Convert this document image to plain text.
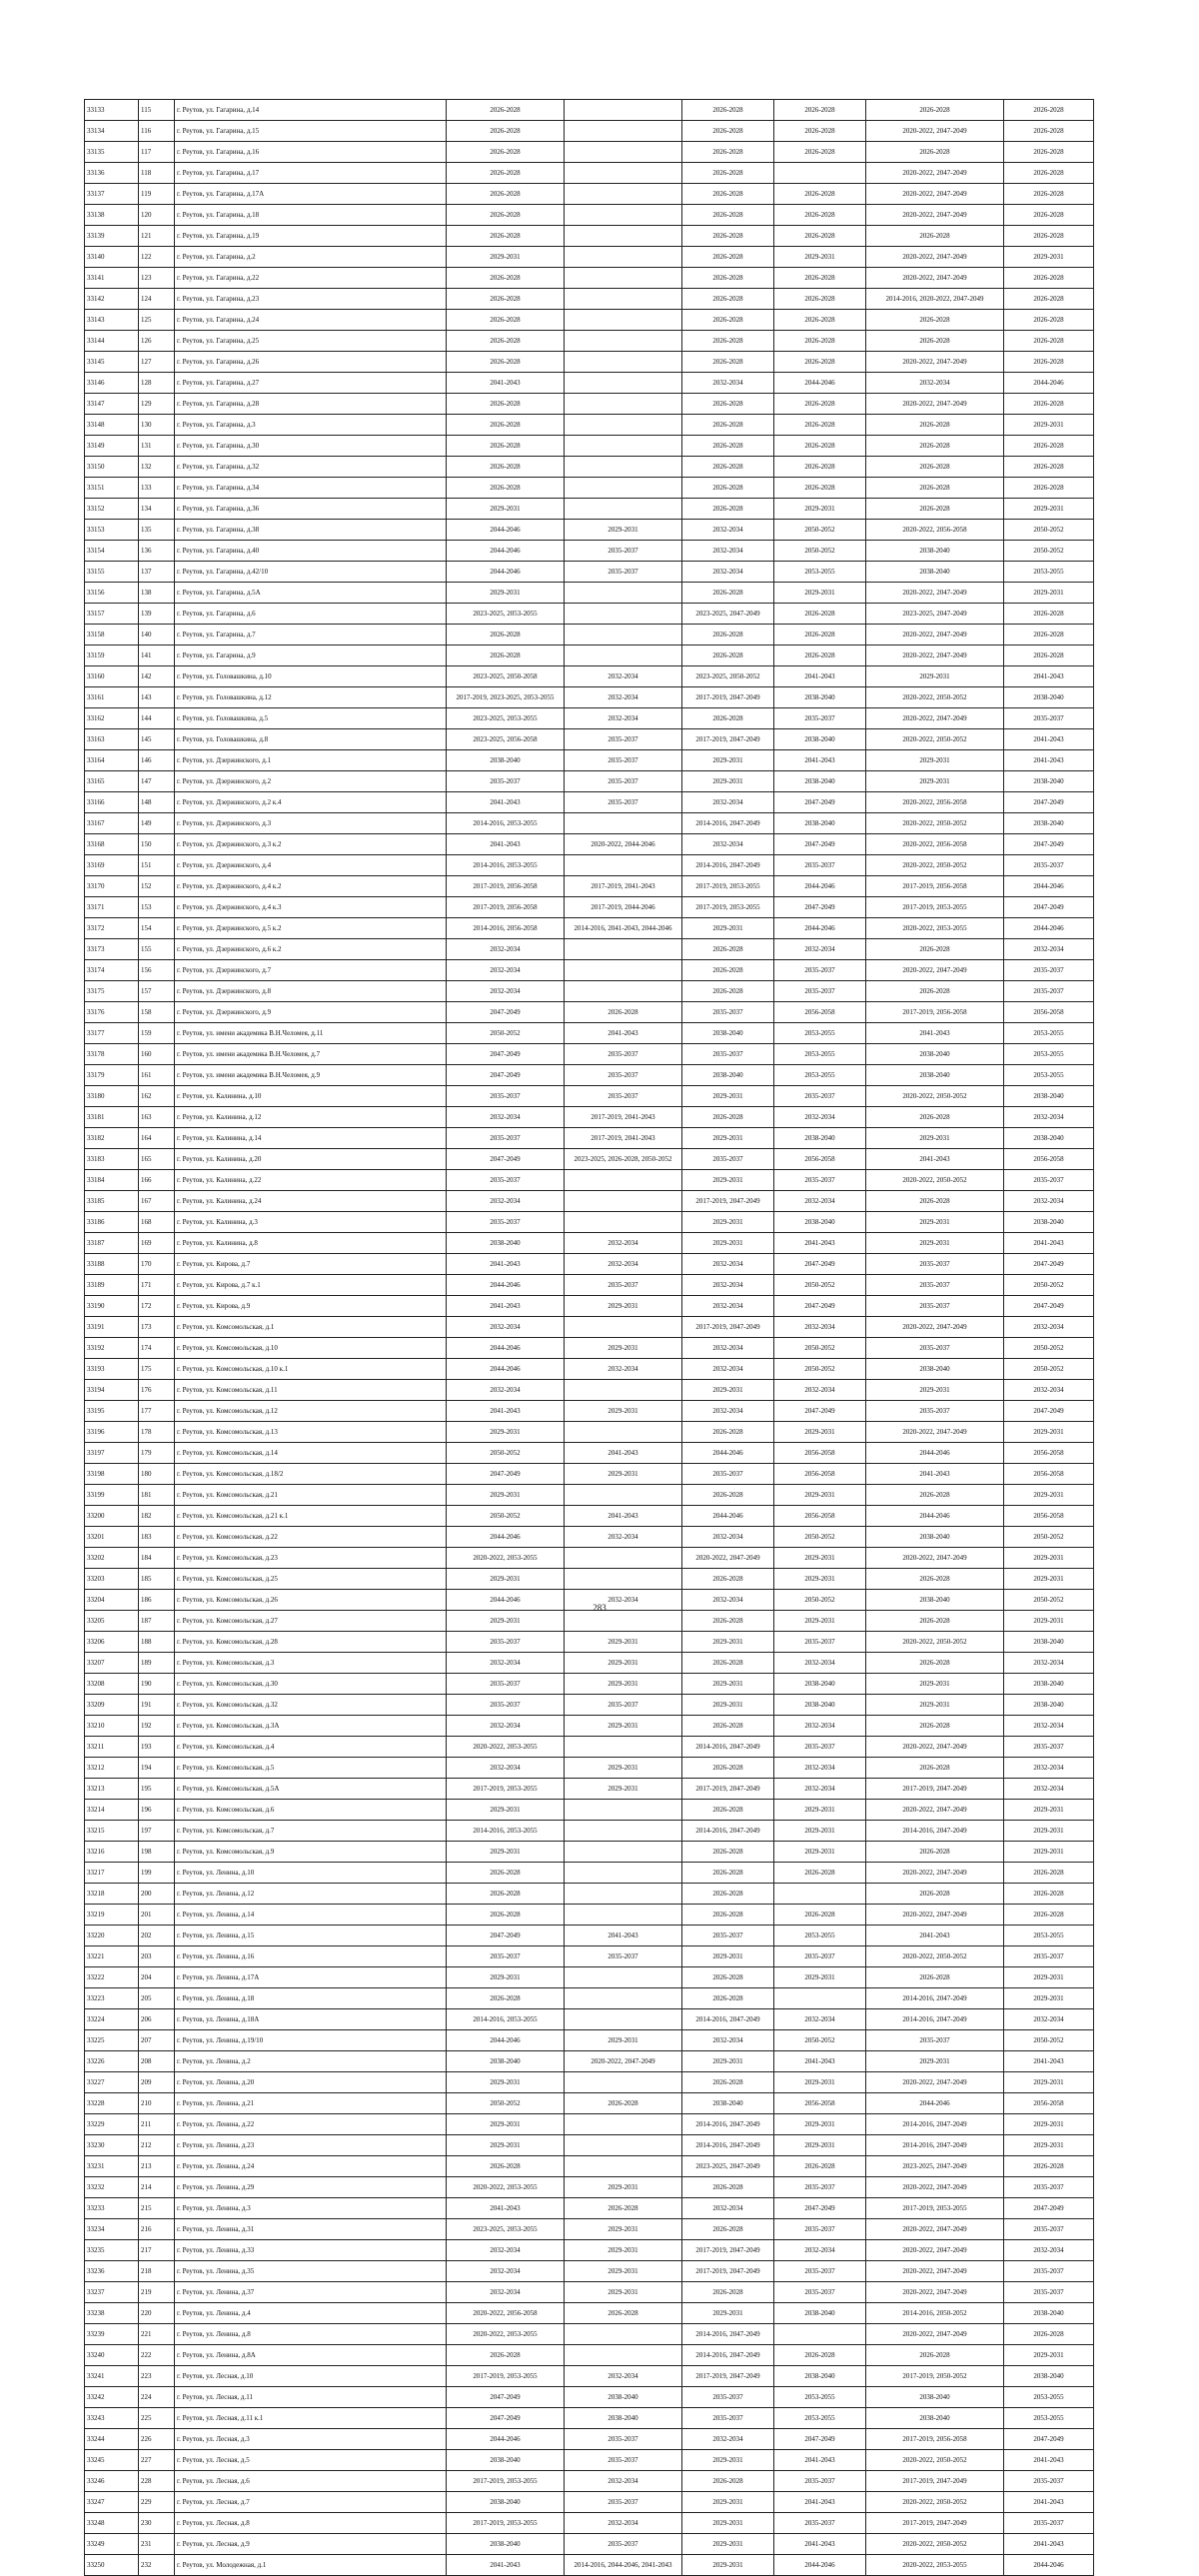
33133	115	г. Реутов, ул. Гагарина, д.14	2026-2028		2026-2028	2026-2028	2026-2028	2026-2028
33134	116	г. Реутов, ул. Гагарина, д.15	2026-2028		2026-2028	2026-2028	2020-2022, 2047-2049	2026-2028
33135	117	г. Реутов, ул. Гагарина, д.16	2026-2028		2026-2028	2026-2028	2026-2028	2026-2028
33136	118	г. Реутов, ул. Гагарина, д.17	2026-2028		2026-2028		2020-2022, 2047-2049	2026-2028
33137	119	г. Реутов, ул. Гагарина, д.17А	2026-2028		2026-2028	2026-2028	2020-2022, 2047-2049	2026-2028
33138	120	г. Реутов, ул. Гагарина, д.18	2026-2028		2026-2028	2026-2028	2020-2022, 2047-2049	2026-2028
33139	121	г. Реутов, ул. Гагарина, д.19	2026-2028		2026-2028	2026-2028	2026-2028	2026-2028
33140	122	г. Реутов, ул. Гагарина, д.2	2029-2031		2026-2028	2029-2031	2020-2022, 2047-2049	2029-2031
33141	123	г. Реутов, ул. Гагарина, д.22	2026-2028		2026-2028	2026-2028	2020-2022, 2047-2049	2026-2028
33142	124	г. Реутов, ул. Гагарина, д.23	2026-2028		2026-2028	2026-2028	2014-2016, 2020-2022, 2047-2049	2026-2028
33143	125	г. Реутов, ул. Гагарина, д.24	2026-2028		2026-2028	2026-2028	2026-2028	2026-2028
33144	126	г. Реутов, ул. Гагарина, д.25	2026-2028		2026-2028	2026-2028	2026-2028	2026-2028
33145	127	г. Реутов, ул. Гагарина, д.26	2026-2028		2026-2028	2026-2028	2020-2022, 2047-2049	2026-2028
33146	128	г. Реутов, ул. Гагарина, д.27	2041-2043		2032-2034	2044-2046	2032-2034	2044-2046
33147	129	г. Реутов, ул. Гагарина, д.28	2026-2028		2026-2028	2026-2028	2020-2022, 2047-2049	2026-2028
33148	130	г. Реутов, ул. Гагарина, д.3	2026-2028		2026-2028	2026-2028	2026-2028	2029-2031
33149	131	г. Реутов, ул. Гагарина, д.30	2026-2028		2026-2028	2026-2028	2026-2028	2026-2028
33150	132	г. Реутов, ул. Гагарина, д.32	2026-2028		2026-2028	2026-2028	2026-2028	2026-2028
33151	133	г. Реутов, ул. Гагарина, д.34	2026-2028		2026-2028	2026-2028	2026-2028	2026-2028
33152	134	г. Реутов, ул. Гагарина, д.36	2029-2031		2026-2028	2029-2031	2026-2028	2029-2031
33153	135	г. Реутов, ул. Гагарина, д.38	2044-2046	2029-2031	2032-2034	2050-2052	2020-2022, 2056-2058	2050-2052
33154	136	г. Реутов, ул. Гагарина, д.40	2044-2046	2035-2037	2032-2034	2050-2052	2038-2040	2050-2052
33155	137	г. Реутов, ул. Гагарина, д.42/10	2044-2046	2035-2037	2032-2034	2053-2055	2038-2040	2053-2055
33156	138	г. Реутов, ул. Гагарина, д.5А	2029-2031		2026-2028	2029-2031	2020-2022, 2047-2049	2029-2031
33157	139	г. Реутов, ул. Гагарина, д.6	2023-2025, 2053-2055		2023-2025, 2047-2049	2026-2028	2023-2025, 2047-2049	2026-2028
33158	140	г. Реутов, ул. Гагарина, д.7	2026-2028		2026-2028	2026-2028	2020-2022, 2047-2049	2026-2028
33159	141	г. Реутов, ул. Гагарина, д.9	2026-2028		2026-2028	2026-2028	2020-2022, 2047-2049	2026-2028
33160	142	г. Реутов, ул. Головашкина, д.10	2023-2025, 2050-2058	2032-2034	2023-2025, 2050-2052	2041-2043	2029-2031	2041-2043
33161	143	г. Реутов, ул. Головашкина, д.12	2017-2019, 2023-2025, 2053-2055	2032-2034	2017-2019, 2047-2049	2038-2040	2020-2022, 2050-2052	2038-2040
33162	144	г. Реутов, ул. Головашкина, д.5	2023-2025, 2053-2055	2032-2034	2026-2028	2035-2037	2020-2022, 2047-2049	2035-2037
33163	145	г. Реутов, ул. Головашкина, д.8	2023-2025, 2056-2058	2035-2037	2017-2019, 2047-2049	2038-2040	2020-2022, 2050-2052	2041-2043
33164	146	г. Реутов, ул. Дзержинского, д.1	2038-2040	2035-2037	2029-2031	2041-2043	2029-2031	2041-2043
33165	147	г. Реутов, ул. Дзержинского, д.2	2035-2037	2035-2037	2029-2031	2038-2040	2029-2031	2038-2040
33166	148	г. Реутов, ул. Дзержинского, д.2 к.4	2041-2043	2035-2037	2032-2034	2047-2049	2020-2022, 2056-2058	2047-2049
33167	149	г. Реутов, ул. Дзержинского, д.3	2014-2016, 2053-2055		2014-2016, 2047-2049	2038-2040	2020-2022, 2050-2052	2038-2040
33168	150	г. Реутов, ул. Дзержинского, д.3 к.2	2041-2043	2020-2022, 2044-2046	2032-2034	2047-2049	2020-2022, 2056-2058	2047-2049
33169	151	г. Реутов, ул. Дзержинского, д.4	2014-2016, 2053-2055		2014-2016, 2047-2049	2035-2037	2020-2022, 2050-2052	2035-2037
33170	152	г. Реутов, ул. Дзержинского, д.4 к.2	2017-2019, 2056-2058	2017-2019, 2041-2043	2017-2019, 2053-2055	2044-2046	2017-2019, 2056-2058	2044-2046
33171	153	г. Реутов, ул. Дзержинского, д.4 к.3	2017-2019, 2056-2058	2017-2019, 2044-2046	2017-2019, 2053-2055	2047-2049	2017-2019, 2053-2055	2047-2049
33172	154	г. Реутов, ул. Дзержинского, д.5 к.2	2014-2016, 2056-2058	2014-2016, 2041-2043, 2044-2046	2029-2031	2044-2046	2020-2022, 2053-2055	2044-2046
33173	155	г. Реутов, ул. Дзержинского, д.6 к.2	2032-2034		2026-2028	2032-2034	2026-2028	2032-2034
33174	156	г. Реутов, ул. Дзержинского, д.7	2032-2034		2026-2028	2035-2037	2020-2022, 2047-2049	2035-2037
33175	157	г. Реутов, ул. Дзержинского, д.8	2032-2034		2026-2028	2035-2037	2026-2028	2035-2037
33176	158	г. Реутов, ул. Дзержинского, д.9	2047-2049	2026-2028	2035-2037	2056-2058	2017-2019, 2056-2058	2056-2058
33177	159	г. Реутов, ул. имени академика В.Н.Челомея, д.11	2050-2052	2041-2043	2038-2040	2053-2055	2041-2043	2053-2055
33178	160	г. Реутов, ул. имени академика В.Н.Челомея, д.7	2047-2049	2035-2037	2035-2037	2053-2055	2038-2040	2053-2055
33179	161	г. Реутов, ул. имени академика В.Н.Челомея, д.9	2047-2049	2035-2037	2038-2040	2053-2055	2038-2040	2053-2055
33180	162	г. Реутов, ул. Калинина, д.10	2035-2037	2035-2037	2029-2031	2035-2037	2020-2022, 2050-2052	2038-2040
33181	163	г. Реутов, ул. Калинина, д.12	2032-2034	2017-2019, 2041-2043	2026-2028	2032-2034	2026-2028	2032-2034
33182	164	г. Реутов, ул. Калинина, д.14	2035-2037	2017-2019, 2041-2043	2029-2031	2038-2040	2029-2031	2038-2040
33183	165	г. Реутов, ул. Калинина, д.20	2047-2049	2023-2025, 2026-2028, 2050-2052	2035-2037	2056-2058	2041-2043	2056-2058
33184	166	г. Реутов, ул. Калинина, д.22	2035-2037		2029-2031	2035-2037	2020-2022, 2050-2052	2035-2037
33185	167	г. Реутов, ул. Калинина, д.24	2032-2034		2017-2019, 2047-2049	2032-2034	2026-2028	2032-2034
33186	168	г. Реутов, ул. Калинина, д.3	2035-2037		2029-2031	2038-2040	2029-2031	2038-2040
33187	169	г. Реутов, ул. Калинина, д.8	2038-2040	2032-2034	2029-2031	2041-2043	2029-2031	2041-2043
33188	170	г. Реутов, ул. Кирова, д.7	2041-2043	2032-2034	2032-2034	2047-2049	2035-2037	2047-2049
33189	171	г. Реутов, ул. Кирова, д.7 к.1	2044-2046	2035-2037	2032-2034	2050-2052	2035-2037	2050-2052
33190	172	г. Реутов, ул. Кирова, д.9	2041-2043	2029-2031	2032-2034	2047-2049	2035-2037	2047-2049
33191	173	г. Реутов, ул. Комсомольская, д.1	2032-2034		2017-2019, 2047-2049	2032-2034	2020-2022, 2047-2049	2032-2034
33192	174	г. Реутов, ул. Комсомольская, д.10	2044-2046	2029-2031	2032-2034	2050-2052	2035-2037	2050-2052
33193	175	г. Реутов, ул. Комсомольская, д.10 к.1	2044-2046	2032-2034	2032-2034	2050-2052	2038-2040	2050-2052
33194	176	г. Реутов, ул. Комсомольская, д.11	2032-2034		2029-2031	2032-2034	2029-2031	2032-2034
33195	177	г. Реутов, ул. Комсомольская, д.12	2041-2043	2029-2031	2032-2034	2047-2049	2035-2037	2047-2049
33196	178	г. Реутов, ул. Комсомольская, д.13	2029-2031		2026-2028	2029-2031	2020-2022, 2047-2049	2029-2031
33197	179	г. Реутов, ул. Комсомольская, д.14	2050-2052	2041-2043	2044-2046	2056-2058	2044-2046	2056-2058
33198	180	г. Реутов, ул. Комсомольская, д.18/2	2047-2049	2029-2031	2035-2037	2056-2058	2041-2043	2056-2058
33199	181	г. Реутов, ул. Комсомольская, д.21	2029-2031		2026-2028	2029-2031	2026-2028	2029-2031
33200	182	г. Реутов, ул. Комсомольская, д.21 к.1	2050-2052	2041-2043	2044-2046	2056-2058	2044-2046	2056-2058
33201	183	г. Реутов, ул. Комсомольская, д.22	2044-2046	2032-2034	2032-2034	2050-2052	2038-2040	2050-2052
33202	184	г. Реутов, ул. Комсомольская, д.23	2020-2022, 2053-2055		2020-2022, 2047-2049	2029-2031	2020-2022, 2047-2049	2029-2031
33203	185	г. Реутов, ул. Комсомольская, д.25	2029-2031		2026-2028	2029-2031	2026-2028	2029-2031
33204	186	г. Реутов, ул. Комсомольская, д.26	2044-2046	2032-2034	2032-2034	2050-2052	2038-2040	2050-2052
33205	187	г. Реутов, ул. Комсомольская, д.27	2029-2031		2026-2028	2029-2031	2026-2028	2029-2031
33206	188	г. Реутов, ул. Комсомольская, д.28	2035-2037	2029-2031	2029-2031	2035-2037	2020-2022, 2050-2052	2038-2040
33207	189	г. Реутов, ул. Комсомольская, д.3	2032-2034	2029-2031	2026-2028	2032-2034	2026-2028	2032-2034
33208	190	г. Реутов, ул. Комсомольская, д.30	2035-2037	2029-2031	2029-2031	2038-2040	2029-2031	2038-2040
33209	191	г. Реутов, ул. Комсомольская, д.32	2035-2037	2035-2037	2029-2031	2038-2040	2029-2031	2038-2040
33210	192	г. Реутов, ул. Комсомольская, д.3А	2032-2034	2029-2031	2026-2028	2032-2034	2026-2028	2032-2034
33211	193	г. Реутов, ул. Комсомольская, д.4	2020-2022, 2053-2055		2014-2016, 2047-2049	2035-2037	2020-2022, 2047-2049	2035-2037
33212	194	г. Реутов, ул. Комсомольская, д.5	2032-2034	2029-2031	2026-2028	2032-2034	2026-2028	2032-2034
33213	195	г. Реутов, ул. Комсомольская, д.5А	2017-2019, 2053-2055	2029-2031	2017-2019, 2047-2049	2032-2034	2017-2019, 2047-2049	2032-2034
33214	196	г. Реутов, ул. Комсомольская, д.6	2029-2031		2026-2028	2029-2031	2020-2022, 2047-2049	2029-2031
33215	197	г. Реутов, ул. Комсомольская, д.7	2014-2016, 2053-2055		2014-2016, 2047-2049	2029-2031	2014-2016, 2047-2049	2029-2031
33216	198	г. Реутов, ул. Комсомольская, д.9	2029-2031		2026-2028	2029-2031	2026-2028	2029-2031
33217	199	г. Реутов, ул. Ленина, д.10	2026-2028		2026-2028	2026-2028	2020-2022, 2047-2049	2026-2028
33218	200	г. Реутов, ул. Ленина, д.12	2026-2028		2026-2028		2026-2028	2026-2028
33219	201	г. Реутов, ул. Ленина, д.14	2026-2028		2026-2028	2026-2028	2020-2022, 2047-2049	2026-2028
33220	202	г. Реутов, ул. Ленина, д.15	2047-2049	2041-2043	2035-2037	2053-2055	2041-2043	2053-2055
33221	203	г. Реутов, ул. Ленина, д.16	2035-2037	2035-2037	2029-2031	2035-2037	2020-2022, 2050-2052	2035-2037
33222	204	г. Реутов, ул. Ленина, д.17А	2029-2031		2026-2028	2029-2031	2026-2028	2029-2031
33223	205	г. Реутов, ул. Ленина, д.18	2026-2028		2026-2028		2014-2016, 2047-2049	2029-2031
33224	206	г. Реутов, ул. Ленина, д.18А	2014-2016, 2053-2055		2014-2016, 2047-2049	2032-2034	2014-2016, 2047-2049	2032-2034
33225	207	г. Реутов, ул. Ленина, д.19/10	2044-2046	2029-2031	2032-2034	2050-2052	2035-2037	2050-2052
33226	208	г. Реутов, ул. Ленина, д.2	2038-2040	2020-2022, 2047-2049	2029-2031	2041-2043	2029-2031	2041-2043
33227	209	г. Реутов, ул. Ленина, д.20	2029-2031		2026-2028	2029-2031	2020-2022, 2047-2049	2029-2031
33228	210	г. Реутов, ул. Ленина, д.21	2050-2052	2026-2028	2038-2040	2056-2058	2044-2046	2056-2058
33229	211	г. Реутов, ул. Ленина, д.22	2029-2031		2014-2016, 2047-2049	2029-2031	2014-2016, 2047-2049	2029-2031
33230	212	г. Реутов, ул. Ленина, д.23	2029-2031		2014-2016, 2047-2049	2029-2031	2014-2016, 2047-2049	2029-2031
33231	213	г. Реутов, ул. Ленина, д.24	2026-2028		2023-2025, 2047-2049	2026-2028	2023-2025, 2047-2049	2026-2028
33232	214	г. Реутов, ул. Ленина, д.29	2020-2022, 2053-2055	2029-2031	2026-2028	2035-2037	2020-2022, 2047-2049	2035-2037
33233	215	г. Реутов, ул. Ленина, д.3	2041-2043	2026-2028	2032-2034	2047-2049	2017-2019, 2053-2055	2047-2049
33234	216	г. Реутов, ул. Ленина, д.31	2023-2025, 2053-2055	2029-2031	2026-2028	2035-2037	2020-2022, 2047-2049	2035-2037
33235	217	г. Реутов, ул. Ленина, д.33	2032-2034	2029-2031	2017-2019, 2047-2049	2032-2034	2020-2022, 2047-2049	2032-2034
33236	218	г. Реутов, ул. Ленина, д.35	2032-2034	2029-2031	2017-2019, 2047-2049	2035-2037	2020-2022, 2047-2049	2035-2037
33237	219	г. Реутов, ул. Ленина, д.37	2032-2034	2029-2031	2026-2028	2035-2037	2020-2022, 2047-2049	2035-2037
33238	220	г. Реутов, ул. Ленина, д.4	2020-2022, 2056-2058	2026-2028	2029-2031	2038-2040	2014-2016, 2050-2052	2038-2040
33239	221	г. Реутов, ул. Ленина, д.8	2020-2022, 2053-2055		2014-2016, 2047-2049		2020-2022, 2047-2049	2026-2028
33240	222	г. Реутов, ул. Ленина, д.8А	2026-2028		2014-2016, 2047-2049	2026-2028	2026-2028	2029-2031
33241	223	г. Реутов, ул. Лесная, д.10	2017-2019, 2053-2055	2032-2034	2017-2019, 2047-2049	2038-2040	2017-2019, 2050-2052	2038-2040
33242	224	г. Реутов, ул. Лесная, д.11	2047-2049	2038-2040	2035-2037	2053-2055	2038-2040	2053-2055
33243	225	г. Реутов, ул. Лесная, д.11 к.1	2047-2049	2038-2040	2035-2037	2053-2055	2038-2040	2053-2055
33244	226	г. Реутов, ул. Лесная, д.3	2044-2046	2035-2037	2032-2034	2047-2049	2017-2019, 2056-2058	2047-2049
33245	227	г. Реутов, ул. Лесная, д.5	2038-2040	2035-2037	2029-2031	2041-2043	2020-2022, 2050-2052	2041-2043
33246	228	г. Реутов, ул. Лесная, д.6	2017-2019, 2053-2055	2032-2034	2026-2028	2035-2037	2017-2019, 2047-2049	2035-2037
33247	229	г. Реутов, ул. Лесная, д.7	2038-2040	2035-2037	2029-2031	2041-2043	2020-2022, 2050-2052	2041-2043
33248	230	г. Реутов, ул. Лесная, д.8	2017-2019, 2053-2055	2032-2034	2029-2031	2035-2037	2017-2019, 2047-2049	2035-2037
33249	231	г. Реутов, ул. Лесная, д.9	2038-2040	2035-2037	2029-2031	2041-2043	2020-2022, 2050-2052	2041-2043
33250	232	г. Реутов, ул. Молодежная, д.1	2041-2043	2014-2016, 2044-2046, 2041-2043	2029-2031	2044-2046	2020-2022, 2053-2055	2044-2046
283
